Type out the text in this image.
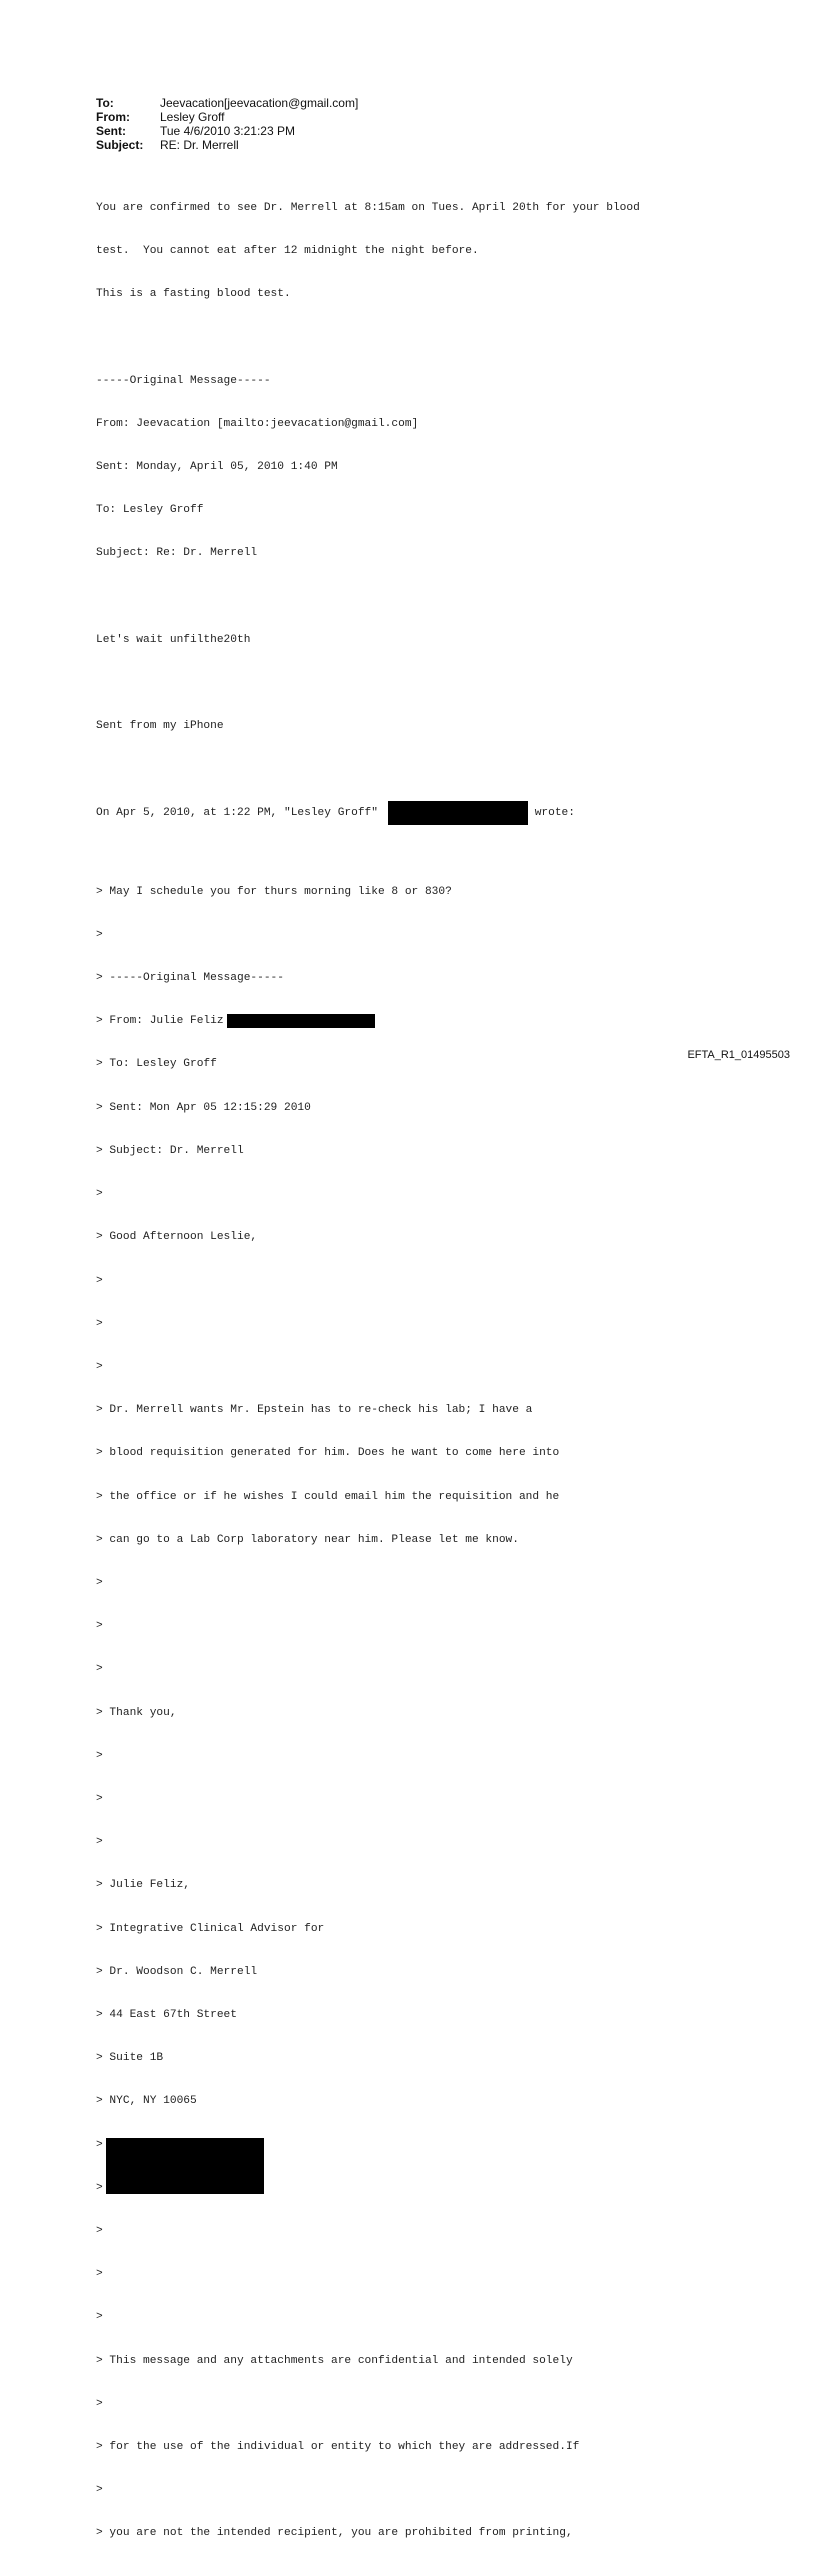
To:	Jeevacation[jeevacation@gmail.com]
From:	Lesley Groff
Sent:	Tue 4/6/2010 3:21:23 PM
Subject:	RE: Dr. Merrell

You are confirmed to see Dr. Merrell at 8:15am on Tues. April 20th for your blood

test.  You cannot eat after 12 midnight the night before.

This is a fasting blood test.

-----Original Message-----

From: Jeevacation [mailto:jeevacation@gmail.com]

Sent: Monday, April 05, 2010 1:40 PM

To: Lesley Groff

Subject: Re: Dr. Merrell

Let's wait unfilthe20th

Sent from my iPhone

On Apr 5, 2010, at 1:22 PM, "Lesley Groff"	wrote:

> May I schedule you for thurs morning like 8 or 830?

>

> -----Original Message-----

> From: Julie Feliz

> To: Lesley Groff

> Sent: Mon Apr 05 12:15:29 2010

> Subject: Dr. Merrell

>

> Good Afternoon Leslie,

>

>

>

> Dr. Merrell wants Mr. Epstein has to re-check his lab; I have a

> blood requisition generated for him. Does he want to come here into

> the office or if he wishes I could email him the requisition and he

> can go to a Lab Corp laboratory near him. Please let me know.

>

>

>

> Thank you,

>

>

>

> Julie Feliz,

> Integrative Clinical Advisor for

> Dr. Woodson C. Merrell

> 44 East 67th Street

> Suite 1B

> NYC, NY 10065

>

>

>

>

>

> This message and any attachments are confidential and intended solely

>

> for the use of the individual or entity to which they are addressed.If

>

> you are not the intended recipient, you are prohibited from printing,

EFTA_R1_01495503
